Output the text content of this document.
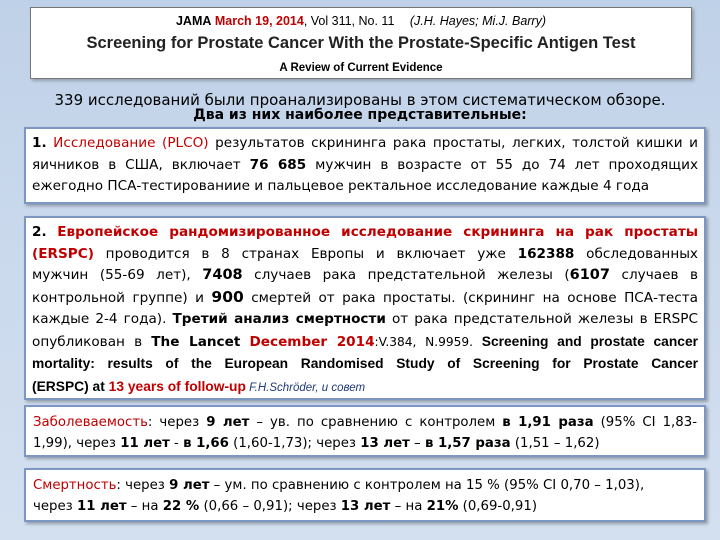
JAMA March 19, 2014, Vol 311, No. 11 (J.H. Hayes; Mi.J. Barry)
Screening for Prostate Cancer With the Prostate-Specific Antigen Test
A Review of Current Evidence
339 исследований были проанализированы в этом систематическом обзоре.
Два из них наиболее представительные:
1. Исследование (PLCO) результатов скрининга рака простаты, легких, толстой кишки и
яичников в США, включает 76 685 мужчин в возрасте от 55 до 74 лет проходящих
ежегодно ПСА-тестированиие и пальцевое ректальное исследование каждые 4 года
2. Европейское рандомизированное исследование скрининга на рак простаты
(ERSPC) проводится в 8 странах Европы и включает уже 162388 обследованных
мужчин (55-69 лет), 7408 случаев рака предстательной железы (6107 случаев в
контрольной группе) и 900 смертей от рака простаты. (скрининг на основе ПСА-теста
каждые 2-4 года). Третий анализ смертности от рака предстательной железы в ERSPC
опубликован в The Lancet December 2014:V.384, N.9959. Screening and prostate cancer
mortality: results of the European Randomised Study of Screening for Prostate Cancer
(ERSPC) at 13 years of follow-up F.H.Schröder, и совет
Заболеваемость: через 9 лет – ув. по сравнению с контролем в 1,91 раза (95% CI 1,83-
1,99), через 11 лет - в 1,66 (1,60-1,73); через 13 лет – в 1,57 раза (1,51 – 1,62)
Смертность: через 9 лет – ум. по сравнению с контролем на 15 % (95% CI 0,70 – 1,03),
через 11 лет – на 22 % (0,66 – 0,91); через 13 лет – на 21% (0,69-0,91)
